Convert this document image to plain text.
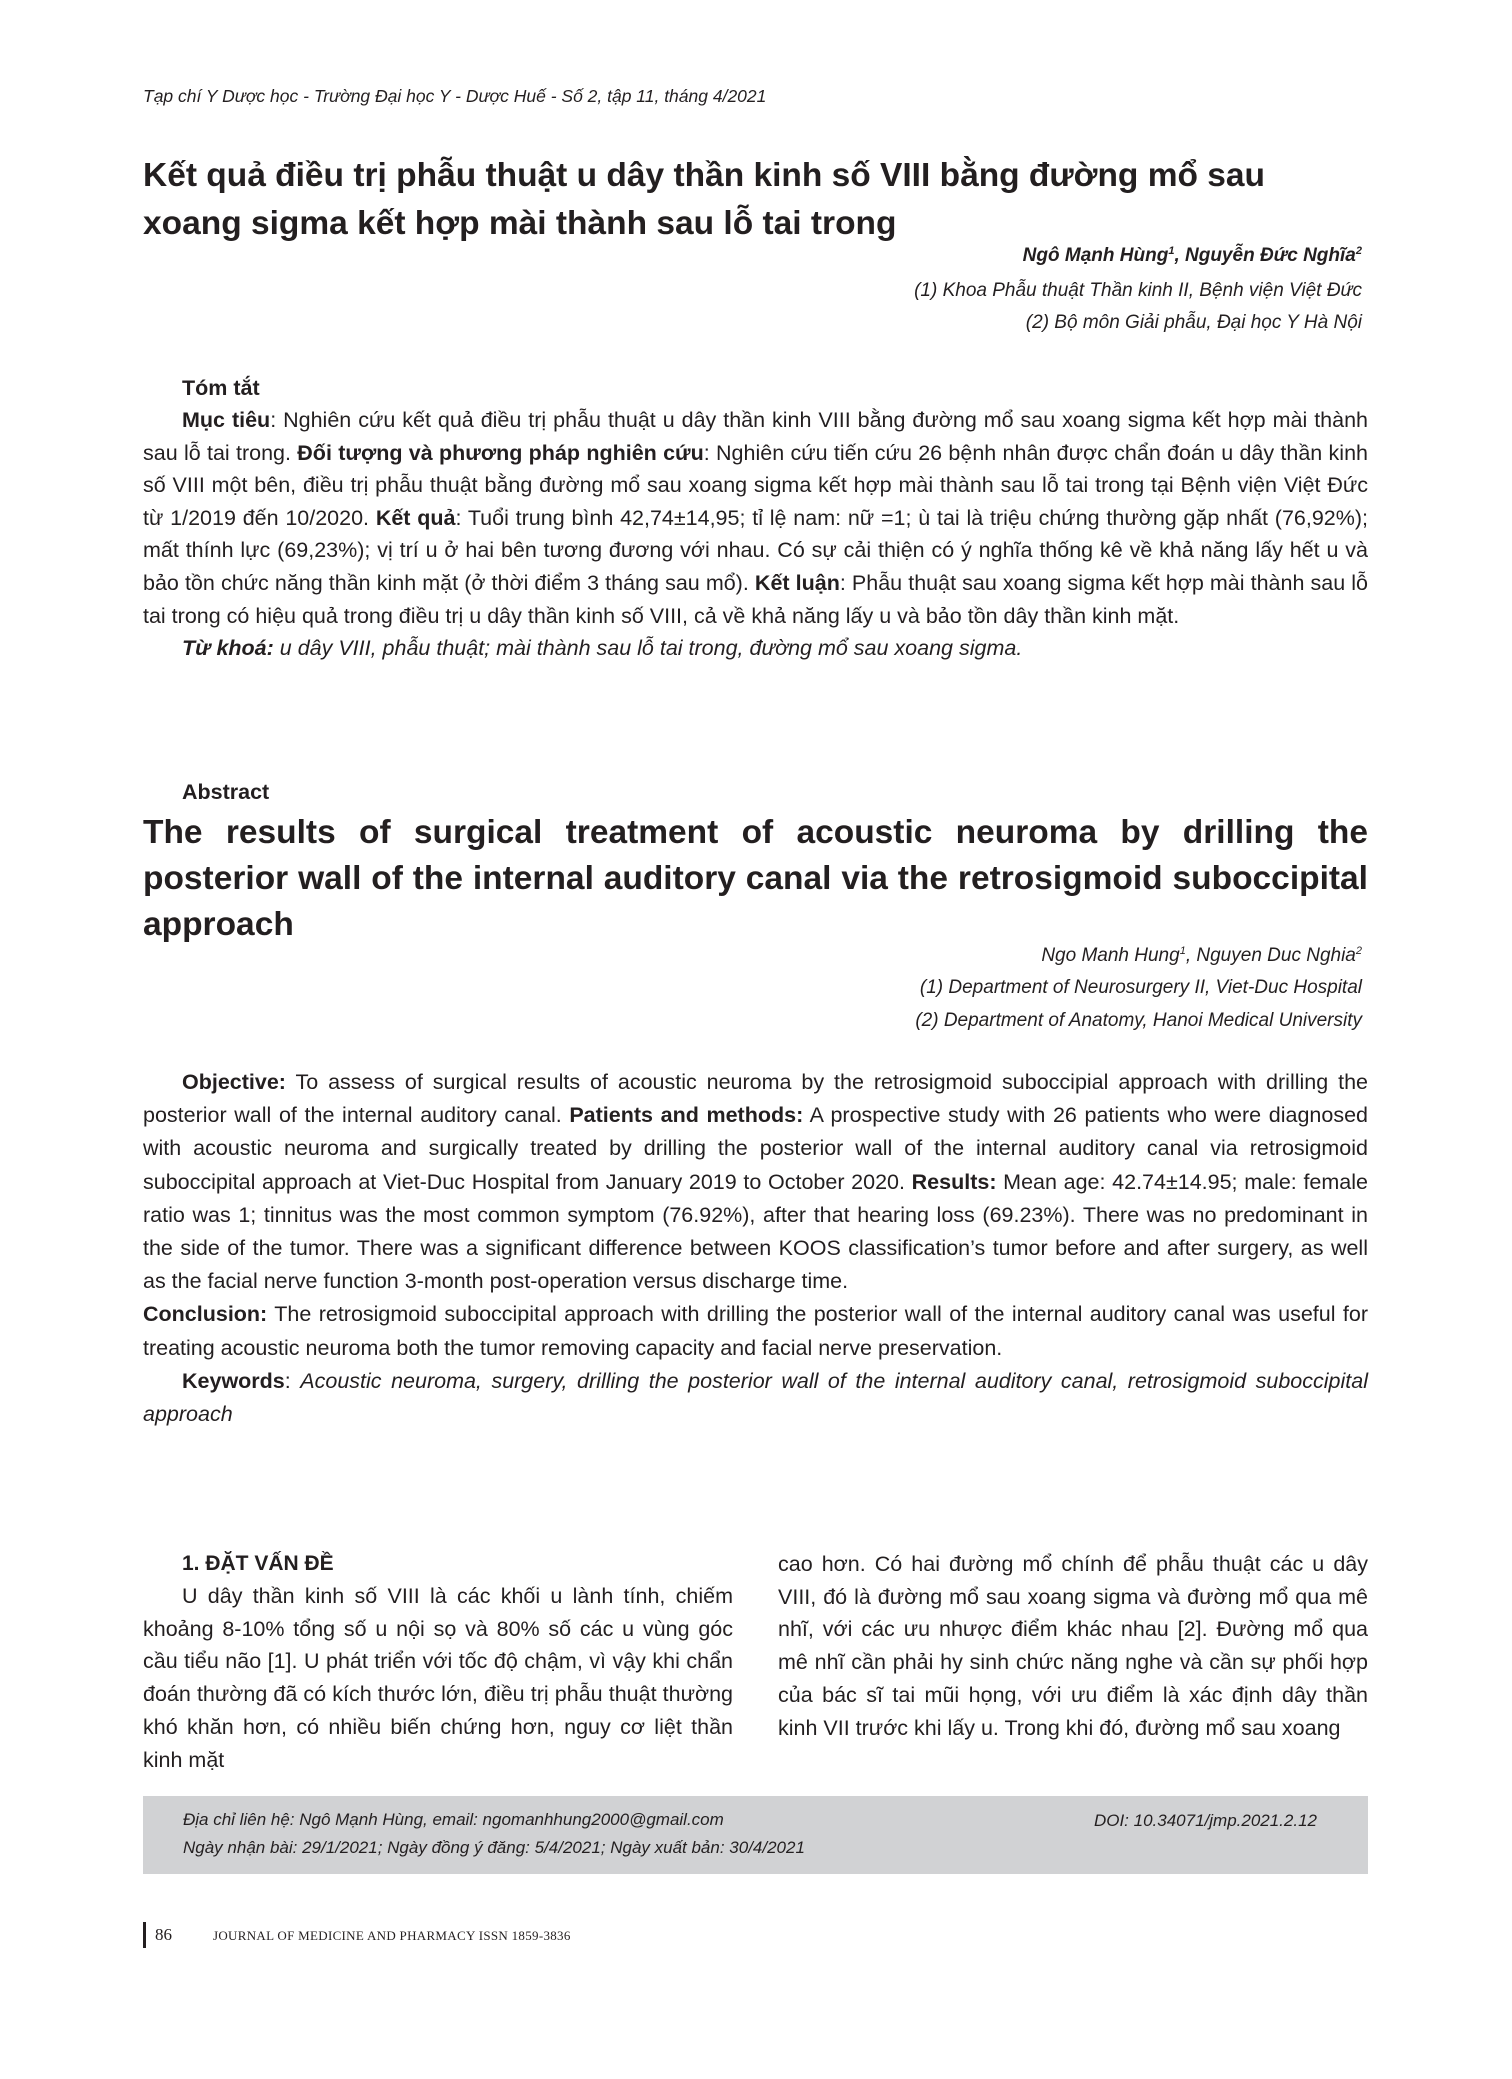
Tạp chí Y Dược học - Trường Đại học Y - Dược Huế - Số 2, tập 11, tháng 4/2021
Kết quả điều trị phẫu thuật u dây thần kinh số VIII bằng đường mổ sau xoang sigma kết hợp mài thành sau lỗ tai trong
Ngô Mạnh Hùng$^1$, Nguyễn Đức Nghĩa$^2$
(1) Khoa Phẫu thuật Thần kinh II, Bệnh viện Việt Đức
(2) Bộ môn Giải phẫu, Đại học Y Hà Nội
Tóm tắt

Mục tiêu: Nghiên cứu kết quả điều trị phẫu thuật u dây thần kinh VIII bằng đường mổ sau xoang sigma kết hợp mài thành sau lỗ tai trong. Đối tượng và phương pháp nghiên cứu: Nghiên cứu tiến cứu 26 bệnh nhân được chẩn đoán u dây thần kinh số VIII một bên, điều trị phẫu thuật bằng đường mổ sau xoang sigma kết hợp mài thành sau lỗ tai trong tại Bệnh viện Việt Đức từ 1/2019 đến 10/2020. Kết quả: Tuổi trung bình 42,74±14,95; tỉ lệ nam: nữ =1; ù tai là triệu chứng thường gặp nhất (76,92%); mất thính lực (69,23%); vị trí u ở hai bên tương đương với nhau. Có sự cải thiện có ý nghĩa thống kê về khả năng lấy hết u và bảo tồn chức năng thần kinh mặt (ở thời điểm 3 tháng sau mổ). Kết luận: Phẫu thuật sau xoang sigma kết hợp mài thành sau lỗ tai trong có hiệu quả trong điều trị u dây thần kinh số VIII, cả về khả năng lấy u và bảo tồn dây thần kinh mặt.

Từ khoá: u dây VIII, phẫu thuật; mài thành sau lỗ tai trong, đường mổ sau xoang sigma.

Abstract
The results of surgical treatment of acoustic neuroma by drilling the posterior wall of the internal auditory canal via the retrosigmoid suboccipital approach
Ngo Manh Hung$^1$, Nguyen Duc Nghia$^2$
(1) Department of Neurosurgery II, Viet-Duc Hospital
(2) Department of Anatomy, Hanoi Medical University

Objective: To assess of surgical results of acoustic neuroma by the retrosigmoid suboccipial approach with drilling the posterior wall of the internal auditory canal. Patients and methods: A prospective study with 26 patients who were diagnosed with acoustic neuroma and surgically treated by drilling the posterior wall of the internal auditory canal via retrosigmoid suboccipital approach at Viet-Duc Hospital from January 2019 to October 2020. Results: Mean age: 42.74±14.95; male: female ratio was 1; tinnitus was the most common symptom (76.92%), after that hearing loss (69.23%). There was no predominant in the side of the tumor. There was a significant difference between KOOS classification’s tumor before and after surgery, as well as the facial nerve function 3-month post-operation versus discharge time.

Conclusion: The retrosigmoid suboccipital approach with drilling the posterior wall of the internal auditory canal was useful for treating acoustic neuroma both the tumor removing capacity and facial nerve preservation.

Keywords: Acoustic neuroma, surgery, drilling the posterior wall of the internal auditory canal, retrosigmoid suboccipital approach

1. ĐẶT VẤN ĐỀ

U dây thần kinh số VIII là các khối u lành tính, chiếm khoảng 8-10% tổng số u nội sọ và 80% số các u vùng góc cầu tiểu não [1]. U phát triển với tốc độ chậm, vì vậy khi chẩn đoán thường đã có kích thước lớn, điều trị phẫu thuật thường khó khăn hơn, có nhiều biến chứng hơn, nguy cơ liệt thần kinh mặt

cao hơn. Có hai đường mổ chính để phẫu thuật các u dây VIII, đó là đường mổ sau xoang sigma và đường mổ qua mê nhĩ, với các ưu nhược điểm khác nhau [2]. Đường mổ qua mê nhĩ cần phải hy sinh chức năng nghe và cần sự phối hợp của bác sĩ tai mũi họng, với ưu điểm là xác định dây thần kinh VII trước khi lấy u. Trong khi đó, đường mổ sau xoang

Địa chỉ liên hệ: Ngô Mạnh Hùng, email: ngomanhhung2000@gmail.com	DOI: 10.34071/jmp.2021.2.12
Ngày nhận bài: 29/1/2021; Ngày đồng ý đăng: 5/4/2021; Ngày xuất bản: 30/4/2021
86	JOURNAL OF MEDICINE AND PHARMACY ISSN 1859-3836
